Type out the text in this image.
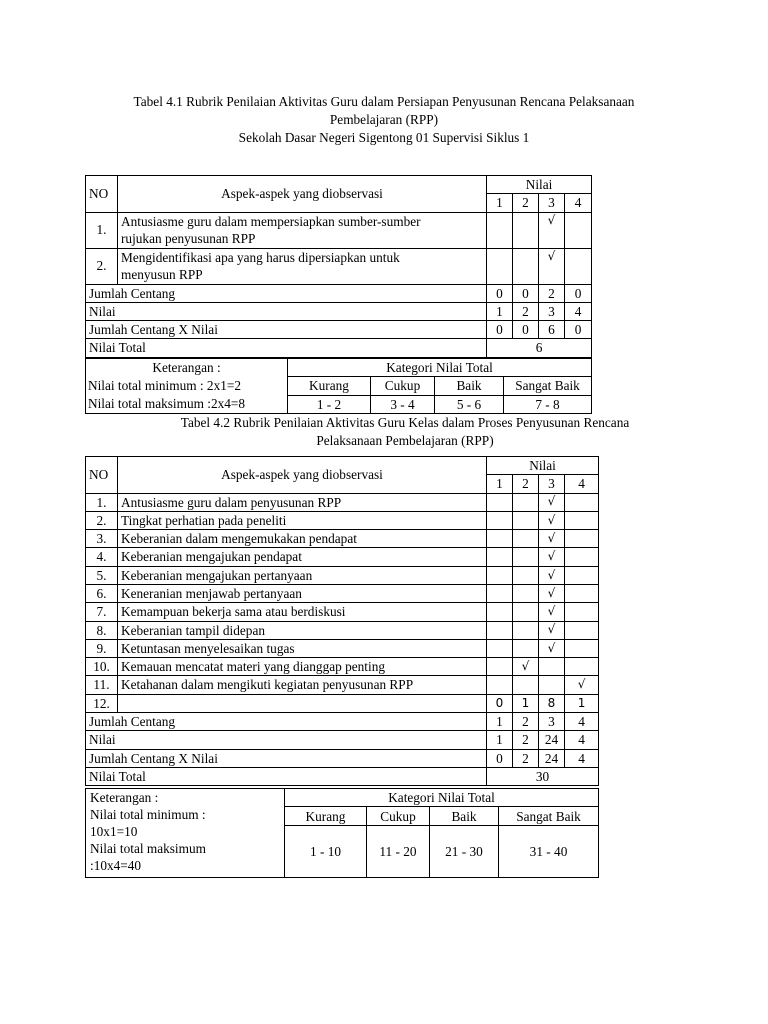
Tabel 4.1 Rubrik Penilaian Aktivitas Guru dalam Persiapan Penyusunan Rencana Pelaksanaan
Pembelajaran (RPP)
Sekolah Dasar Negeri Sigentong 01 Supervisi Siklus 1
NO	Aspek-aspek yang diobservasi	Nilai			
		1	2	3	4
1.	Antusiasme guru dalam mempersiapkan sumber-sumber
rujukan penyusunan RPP			√	
2.	Mengidentifikasi apa yang harus dipersiapkan untuk
menyusun RPP			√	
Jumlah Centang		0	0	2	0
Nilai		1	2	3	4
Jumlah Centang X Nilai		0	0	6	0
Nilai Total		6			
Keterangan :
Nilai total minimum : 2x1=2
Nilai total maksimum :2x4=8	Kategori Nilai Total			
	Kurang	Cukup	Baik	Sangat Baik
	1 - 2	3 - 4	5 - 6	7 - 8
Tabel 4.2 Rubrik Penilaian Aktivitas Guru Kelas dalam Proses Penyusunan Rencana
Pelaksanaan Pembelajaran (RPP)
NO	Aspek-aspek yang diobservasi	Nilai			
		1	2	3	4
1.	Antusiasme guru dalam penyusunan RPP			√	
2.	Tingkat perhatian pada peneliti			√	
3.	Keberanian dalam mengemukakan pendapat			√	
4.	Keberanian mengajukan pendapat			√	
5.	Keberanian mengajukan pertanyaan			√	
6.	Keneranian menjawab pertanyaan			√	
7.	Kemampuan bekerja sama atau berdiskusi			√	
8.	Keberanian tampil didepan			√	
9.	Ketuntasan menyelesaikan tugas			√	
10.	Kemauan mencatat materi yang dianggap penting		√		
11.	Ketahanan dalam mengikuti kegiatan penyusunan RPP				√
12.		0	1	8	1
Jumlah Centang		1	2	3	4
Nilai		1	2	24	4
Jumlah Centang X Nilai		0	2	24	4
Nilai Total		30			
Keterangan :
Nilai total minimum :
10x1=10
Nilai total maksimum
:10x4=40	Kategori Nilai Total			
	Kurang	Cukup	Baik	Sangat Baik
	1 - 10	11 - 20	21 - 30	31 - 40
